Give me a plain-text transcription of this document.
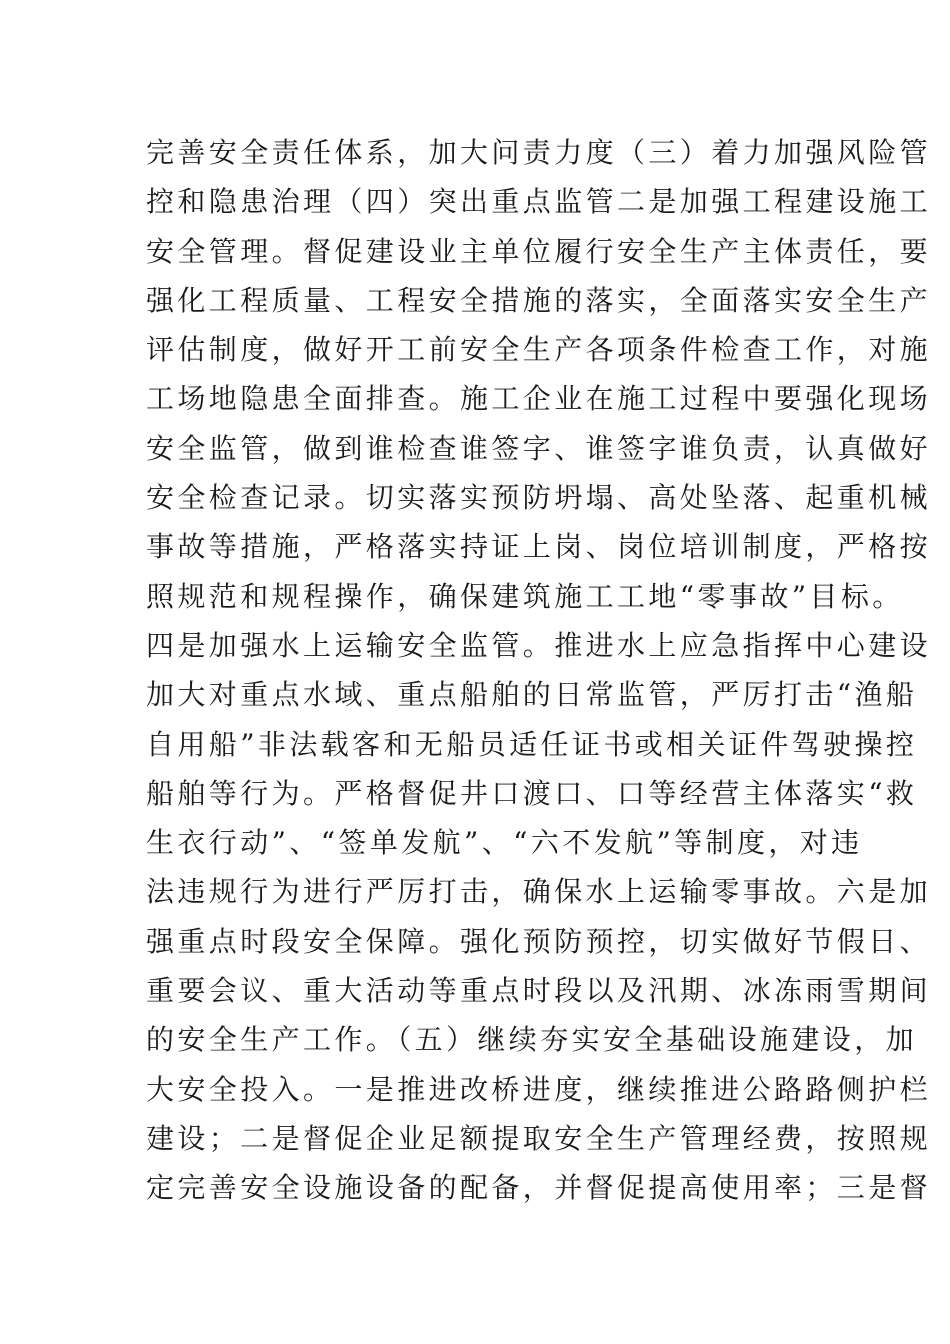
完善安全责任体系，加大问责力度（三）着力加强风险管
控和隐患治理（四）突出重点监管二是加强工程建设施工
安全管理。督促建设业主单位履行安全生产主体责任，要
强化工程质量、工程安全措施的落实，全面落实安全生产
评估制度，做好开工前安全生产各项条件检查工作，对施
工场地隐患全面排查。施工企业在施工过程中要强化现场
安全监管，做到谁检查谁签字、谁签字谁负责，认真做好
安全检查记录。切实落实预防坍塌、高处坠落、起重机械
事故等措施，严格落实持证上岗、岗位培训制度，严格按
照规范和规程操作，确保建筑施工工地“零事故”目标。
四是加强水上运输安全监管。推进水上应急指挥中心建设
加大对重点水域、重点船舶的日常监管，严厉打击“渔船
自用船”非法载客和无船员适任证书或相关证件驾驶操控
船舶等行为。严格督促井口渡口、口等经营主体落实“救
生衣行动”、“签单发航”、“六不发航”等制度，对违
法违规行为进行严厉打击，确保水上运输零事故。六是加
强重点时段安全保障。强化预防预控，切实做好节假日、
重要会议、重大活动等重点时段以及汛期、冰冻雨雪期间
的安全生产工作。（五）继续夯实安全基础设施建设，加
大安全投入。一是推进改桥进度，继续推进公路路侧护栏
建设；二是督促企业足额提取安全生产管理经费，按照规
定完善安全设施设备的配备，并督促提高使用率；三是督
